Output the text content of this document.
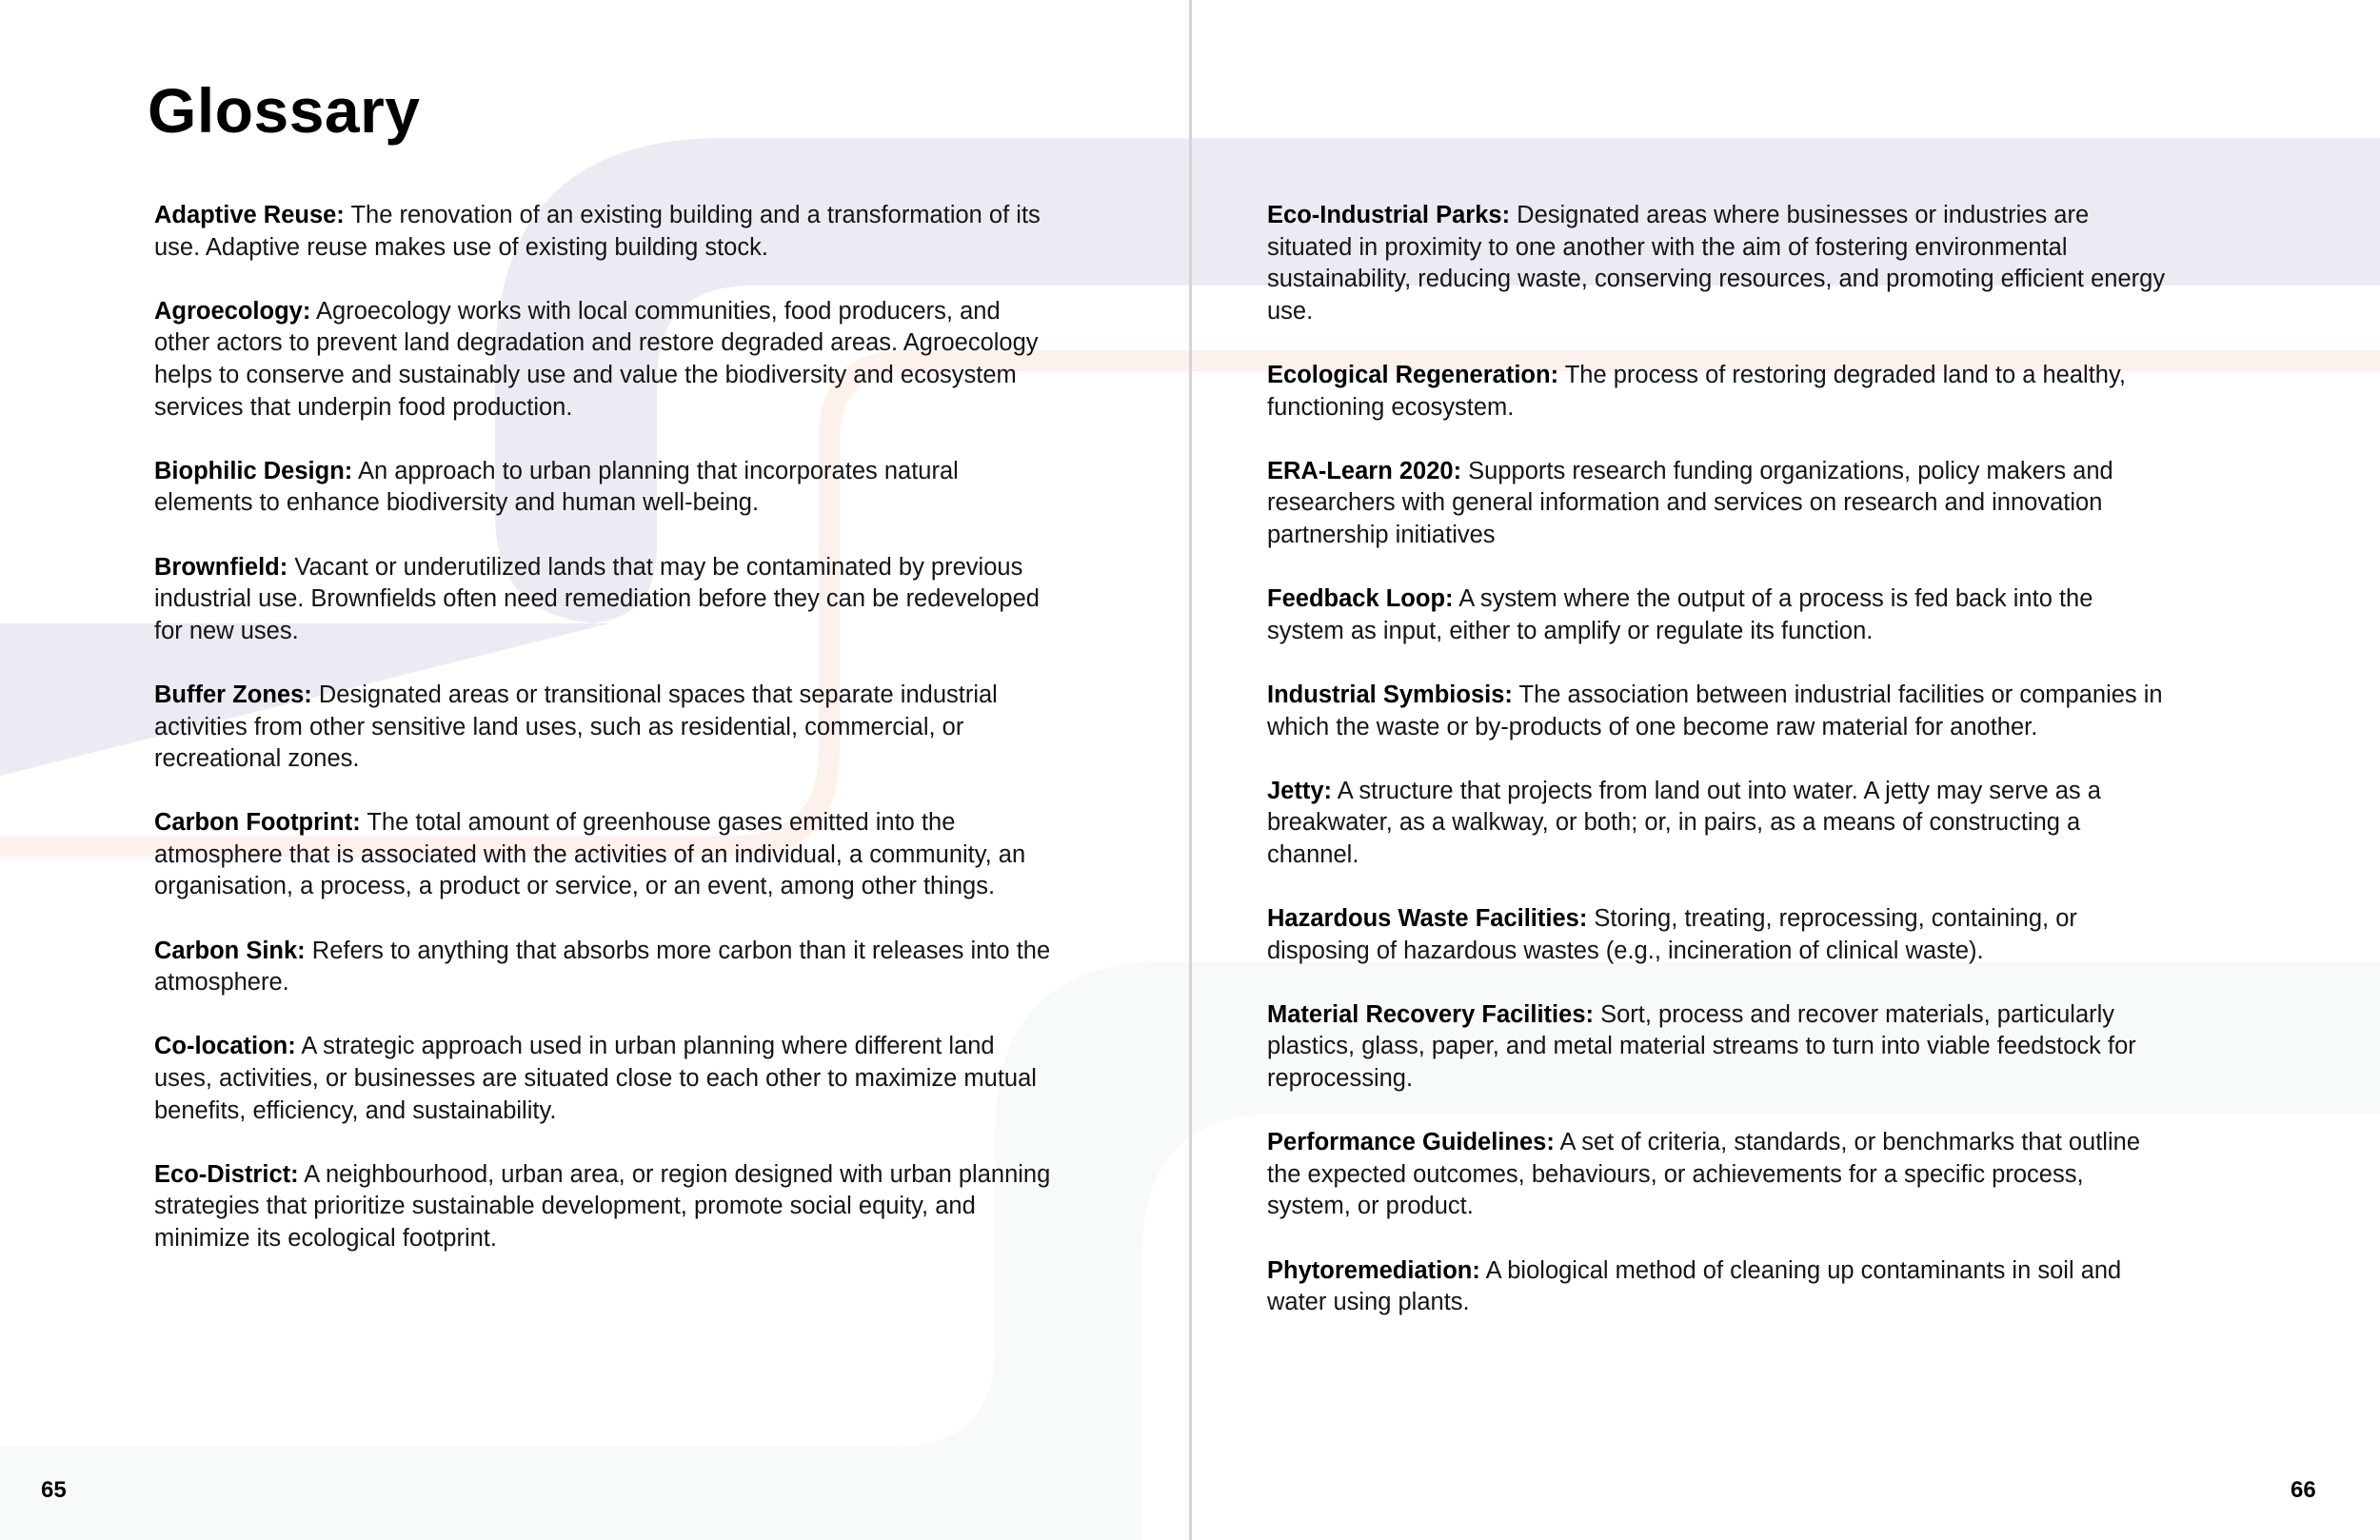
Glossary

Adaptive Reuse: The renovation of an existing building and a transformation of its use. Adaptive reuse makes use of existing building stock.

Agroecology: Agroecology works with local communities, food producers, and other actors to prevent land degradation and restore degraded areas. Agroecology helps to conserve and sustainably use and value the biodiversity and ecosystem services that underpin food production.

Biophilic Design: An approach to urban planning that incorporates natural elements to enhance biodiversity and human well-being.

Brownfield: Vacant or underutilized lands that may be contaminated by previous industrial use. Brownfields often need remediation before they can be redeveloped for new uses.

Buffer Zones: Designated areas or transitional spaces that separate industrial activities from other sensitive land uses, such as residential, commercial, or recreational zones.

Carbon Footprint: The total amount of greenhouse gases emitted into the atmosphere that is associated with the activities of an individual, a community, an organisation, a process, a product or service, or an event, among other things.

Carbon Sink: Refers to anything that absorbs more carbon than it releases into the atmosphere.

Co-location: A strategic approach used in urban planning where different land uses, activities, or businesses are situated close to each other to maximize mutual benefits, efficiency, and sustainability.

Eco-District: A neighbourhood, urban area, or region designed with urban planning strategies that prioritize sustainable development, promote social equity, and minimize its ecological footprint.

Eco-Industrial Parks: Designated areas where businesses or industries are situated in proximity to one another with the aim of fostering environmental sustainability, reducing waste, conserving resources, and promoting efficient energy use.

Ecological Regeneration: The process of restoring degraded land to a healthy, functioning ecosystem.

ERA-Learn 2020: Supports research funding organizations, policy makers and researchers with general information and services on research and innovation partnership initiatives

Feedback Loop: A system where the output of a process is fed back into the system as input, either to amplify or regulate its function.

Industrial Symbiosis: The association between industrial facilities or companies in which the waste or by-products of one become raw material for another.

Jetty: A structure that projects from land out into water. A jetty may serve as a breakwater, as a walkway, or both; or, in pairs, as a means of constructing a channel.

Hazardous Waste Facilities: Storing, treating, reprocessing, containing, or disposing of hazardous wastes (e.g., incineration of clinical waste).

Material Recovery Facilities: Sort, process and recover materials, particularly plastics, glass, paper, and metal material streams to turn into viable feedstock for reprocessing.

Performance Guidelines: A set of criteria, standards, or benchmarks that outline the expected outcomes, behaviours, or achievements for a specific process, system, or product.

Phytoremediation: A biological method of cleaning up contaminants in soil and water using plants.

65	66
